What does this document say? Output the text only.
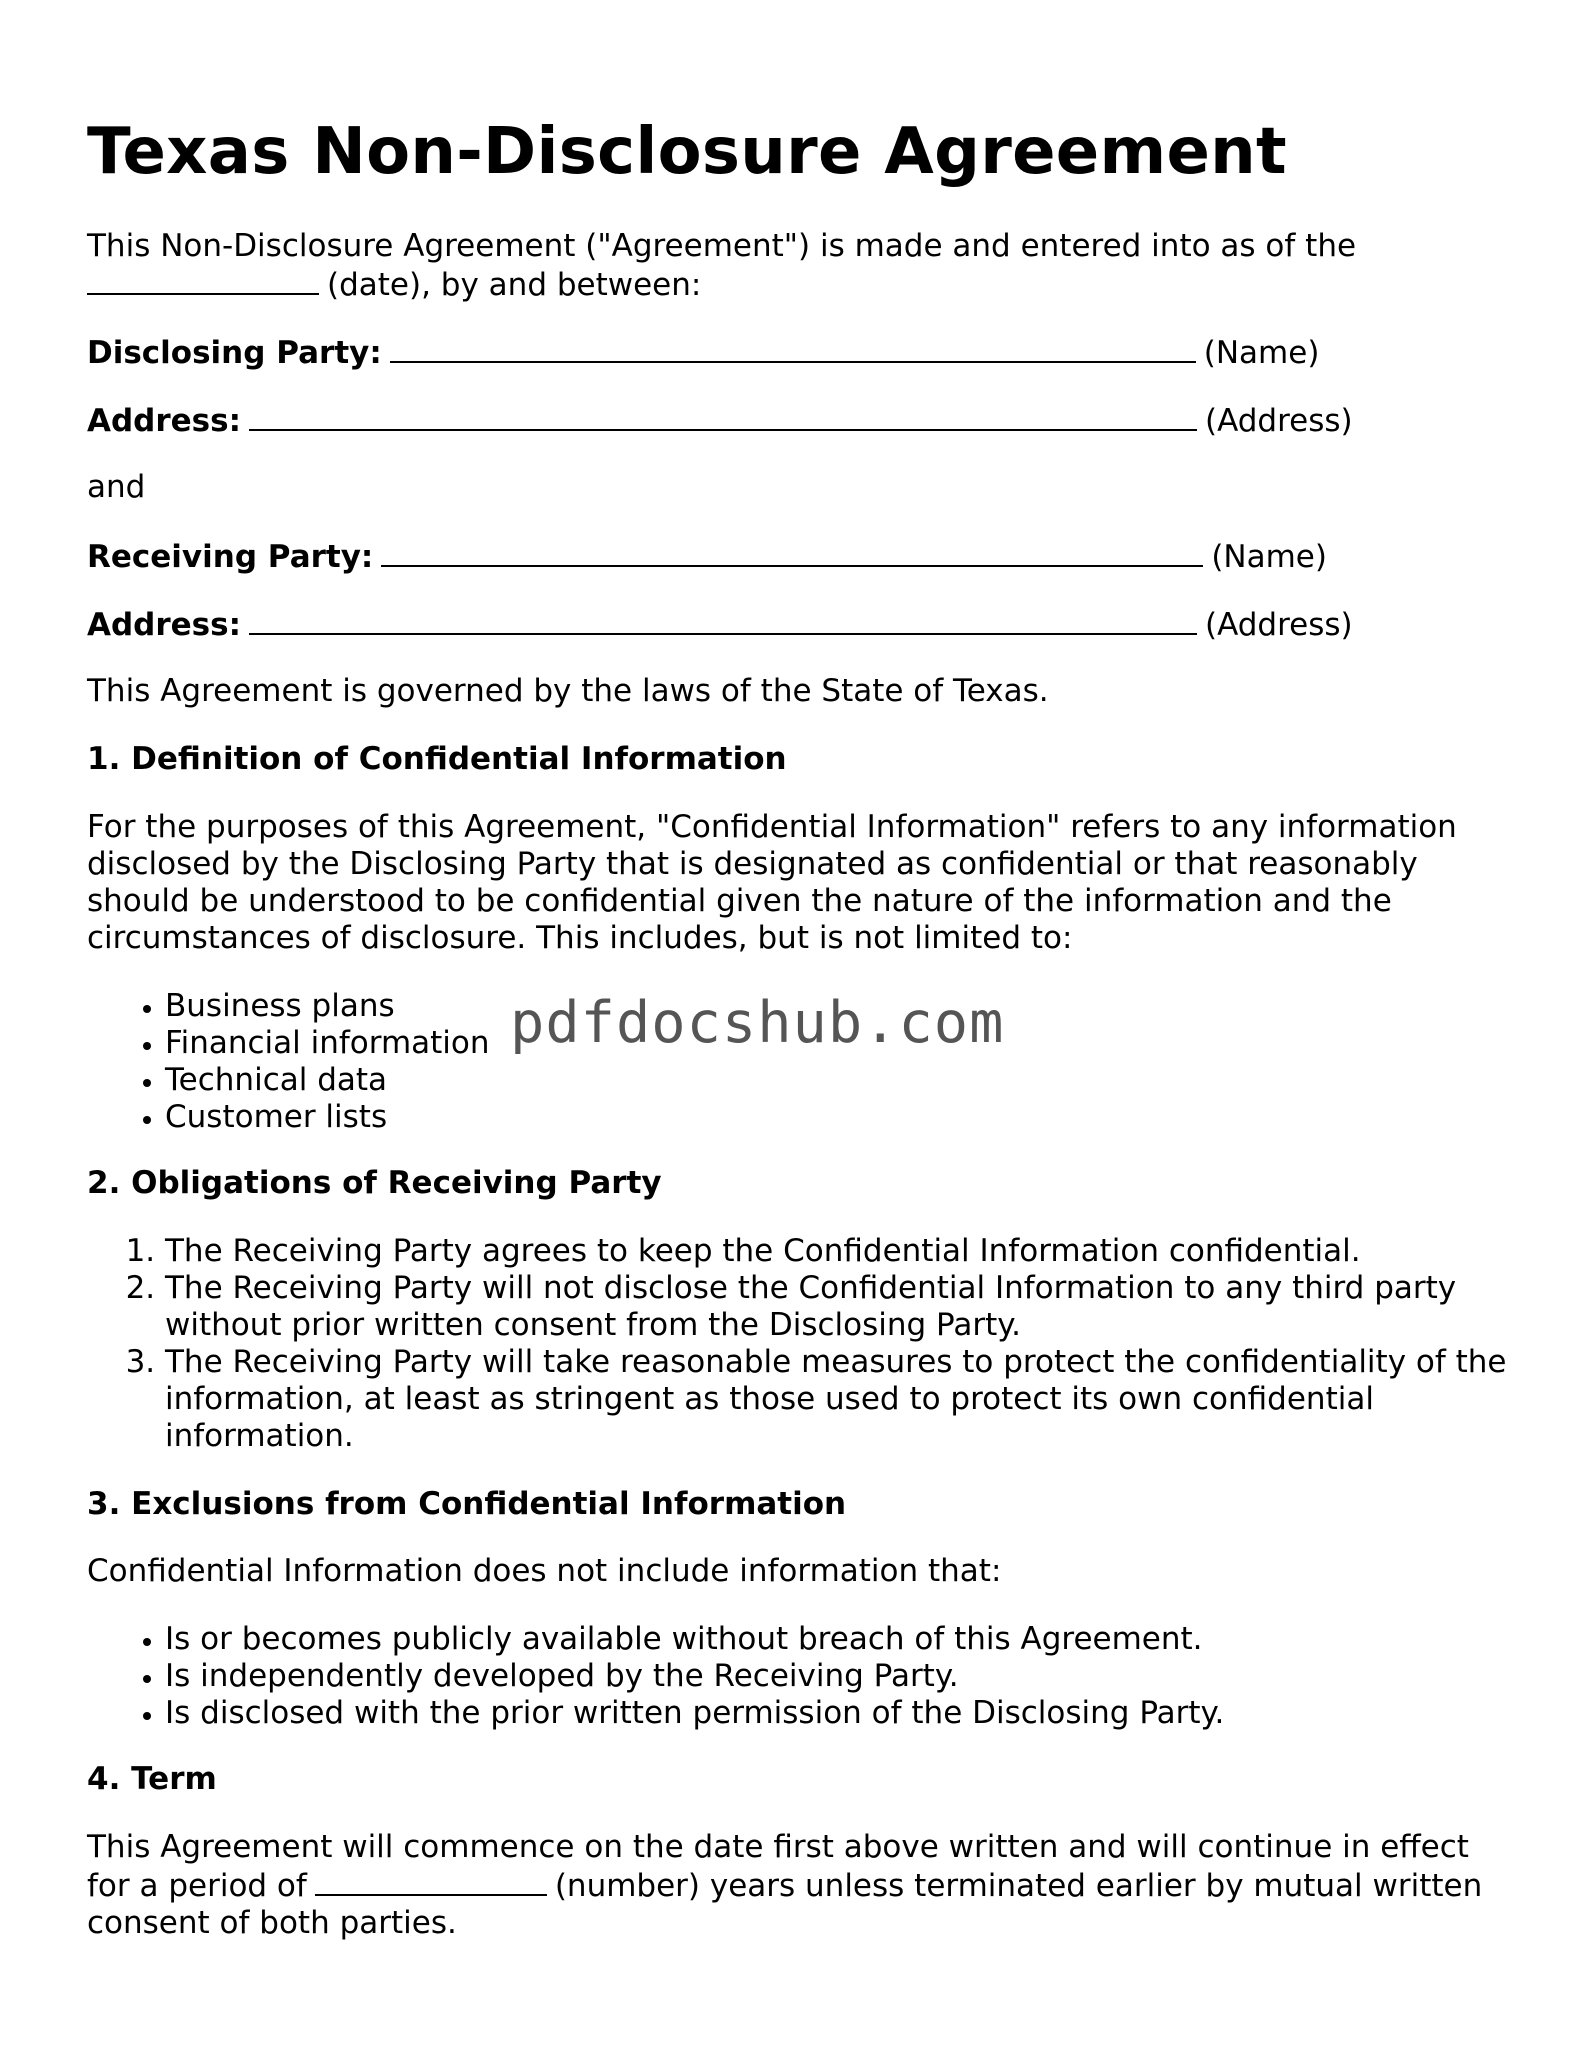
Texas Non-Disclosure Agreement
This Non-Disclosure Agreement ("Agreement") is made and entered into as of the
(date), by and between:
Disclosing Party:	(Name)
Address:	(Address)
and
Receiving Party:	(Name)
Address:	(Address)
This Agreement is governed by the laws of the State of Texas.
1. Definition of Confidential Information
For the purposes of this Agreement, "Confidential Information" refers to any information disclosed by the Disclosing Party that is designated as confidential or that reasonably should be understood to be confidential given the nature of the information and the circumstances of disclosure. This includes, but is not limited to:
• Business plans
• Financial information
• Technical data
• Customer lists
2. Obligations of Receiving Party
1. The Receiving Party agrees to keep the Confidential Information confidential.
2. The Receiving Party will not disclose the Confidential Information to any third party without prior written consent from the Disclosing Party.
3. The Receiving Party will take reasonable measures to protect the confidentiality of the information, at least as stringent as those used to protect its own confidential information.
3. Exclusions from Confidential Information
Confidential Information does not include information that:
• Is or becomes publicly available without breach of this Agreement.
• Is independently developed by the Receiving Party.
• Is disclosed with the prior written permission of the Disclosing Party.
4. Term
This Agreement will commence on the date first above written and will continue in effect for a period of	(number) years unless terminated earlier by mutual written consent of both parties.
pdfdocshub.com
